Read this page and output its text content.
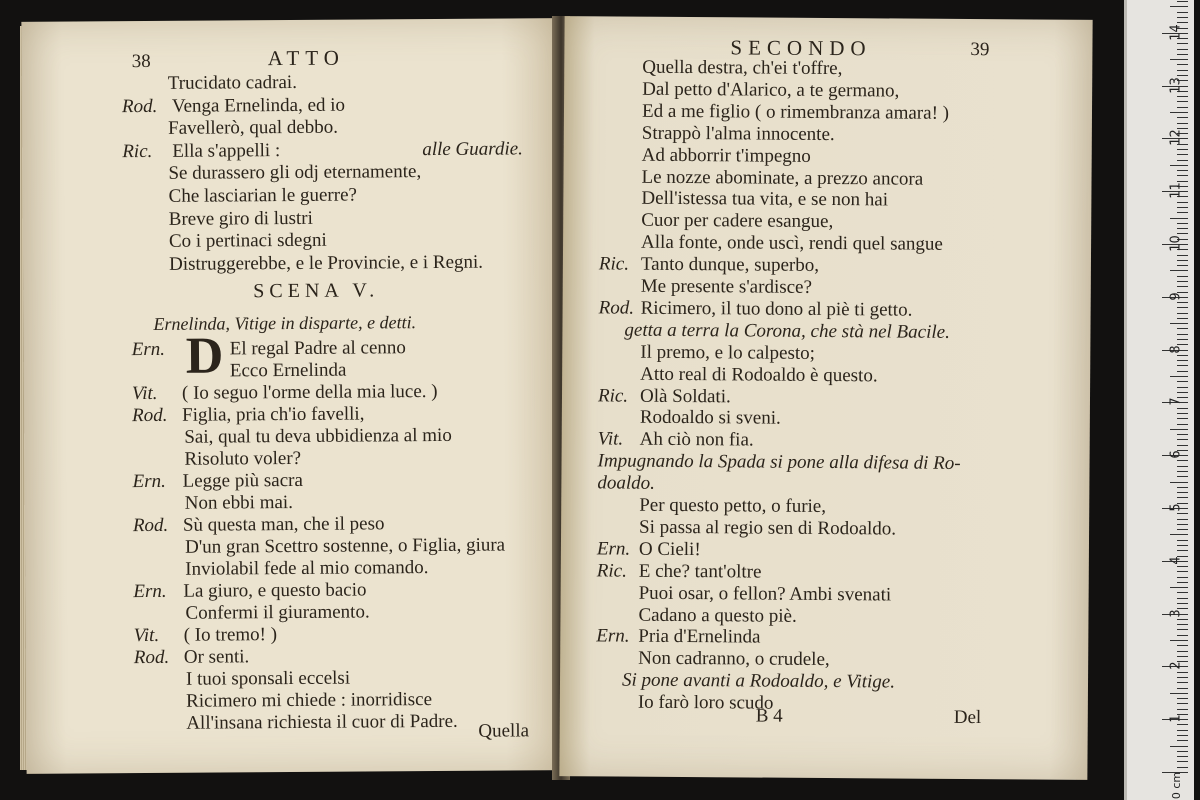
38	ATTO
Trucidato cadrai.
Rod. Venga Ernelinda, ed io
Favellerò, qual debbo.
Ric. Ella s'appelli :	alle Guardie.
Se durassero gli odj eternamente,
Che lasciarian le guerre?
Breve giro di lustri
Co i pertinaci sdegni
Distruggerebbe, e le Provincie, e i Regni.
SCENA V.
Ernelinda, Vitige in disparte, e detti.
D
Ern.	El regal Padre al cenno
Ecco Ernelinda
Vit. ( Io seguo l'orme della mia luce. )
Rod. Figlia, pria ch'io favelli,
Sai, qual tu deva ubbidienza al mio
Risoluto voler?
Ern. Legge più sacra
Non ebbi mai.
Rod. Sù questa man, che il peso
D'un gran Scettro sostenne, o Figlia, giura
Inviolabil fede al mio comando.
Ern. La giuro, e questo bacio
Confermi il giuramento.
Vit. ( Io tremo! )
Rod. Or senti.
I tuoi sponsali eccelsi
Ricimero mi chiede : inorridisce
All'insana richiesta il cuor di Padre. Quella
SECONDO	39
Quella destra, ch'ei t'offre,
Dal petto d'Alarico, a te germano,
Ed a me figlio ( o rimembranza amara! )
Strappò l'alma innocente.
Ad abborrir t'impegno
Le nozze abominate, a prezzo ancora
Dell'istessa tua vita, e se non hai
Cuor per cadere esangue,
Alla fonte, onde uscì, rendi quel sangue
Ric. Tanto dunque, superbo,
Me presente s'ardisce?
Rod. Ricimero, il tuo dono al piè ti getto.
getta a terra la Corona, che stà nel Bacile.
Il premo, e lo calpesto;
Atto real di Rodoaldo è questo.
Ric. Olà Soldati.
Rodoaldo si sveni.
Vit. Ah ciò non fia.
Impugnando la Spada si pone alla difesa di Ro-
doaldo.
Per questo petto, o furie,
Si passa al regio sen di Rodoaldo.
Ern. O Cieli!
Ric. E che? tant'oltre
Puoi osar, o fellon? Ambi svenati
Cadano a questo piè.
Ern. Pria d'Ernelinda
Non cadranno, o crudele,
Si pone avanti a Rodoaldo, e Vitige.
Io farò loro scudo
B 4	Del	1
2
3
4
5
6
7
8
9
10
11
12
13
14
0 cm
